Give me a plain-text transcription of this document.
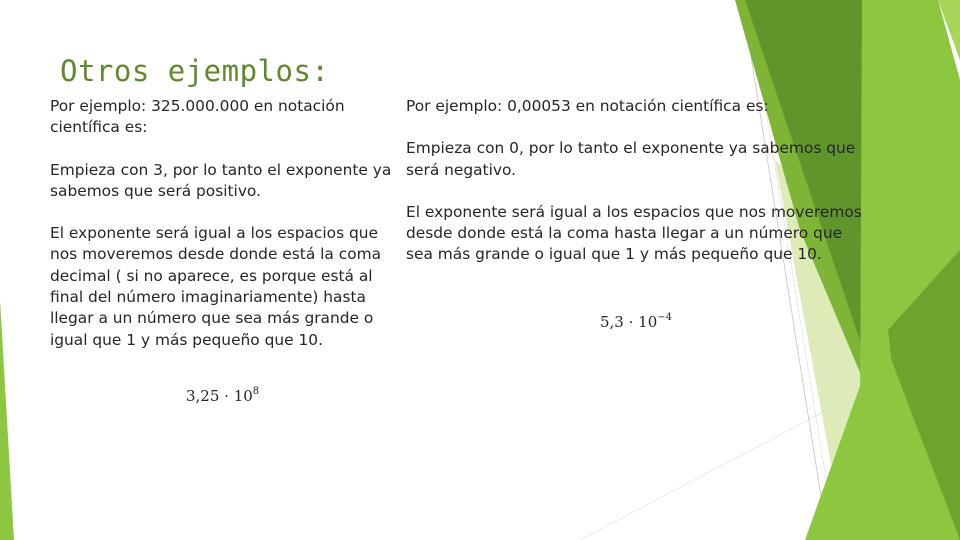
Otros ejemplos:

Por ejemplo: 325.000.000 en notación científica es:

Empieza con 3, por lo tanto el exponente ya sabemos que será positivo.

El exponente será igual a los espacios que nos moveremos desde donde está la coma decimal ( si no aparece, es porque está al final del número imaginariamente) hasta llegar a un número que sea más grande o igual que 1 y más pequeño que 10.

$3,25 \cdot 10^8$

Por ejemplo: 0,00053 en notación científica es:

Empieza con 0, por lo tanto el exponente ya sabemos que será negativo.

El exponente será igual a los espacios que nos moveremos desde donde está la coma hasta llegar a un número que sea más grande o igual que 1 y más pequeño que 10.

$5,3 \cdot 10^{-4}$
